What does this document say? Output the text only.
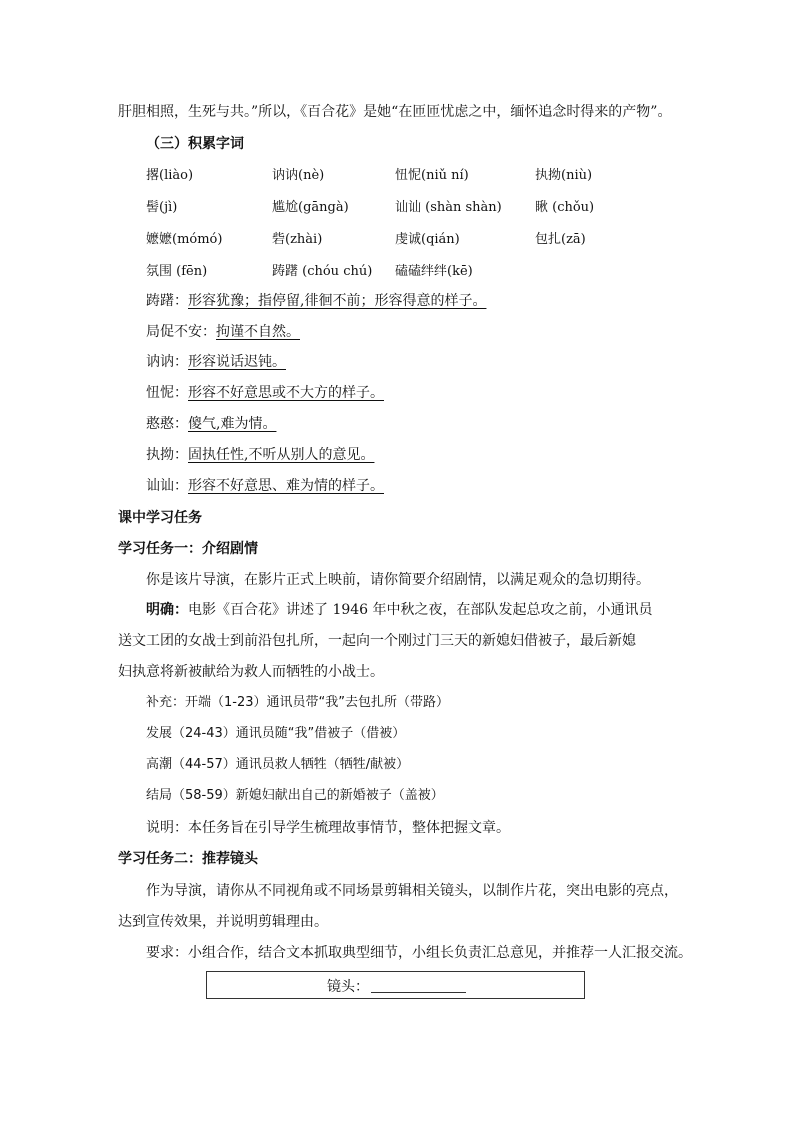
肝胆相照，生死与共。”所以，《百合花》是她“在匝匝忧虑之中，缅怀追念时得来的产物”。
（三）积累字词
撂(liào)	讷讷(nè)	忸怩(niǔ ní)	执拗(niù)
髻(jì)	尴尬(gāngà)	讪讪 (shàn shàn)	瞅 (chǒu)
嬷嬷(mómó)	砦(zhài)	虔诚(qián)	包扎(zā)
氛围 (fēn)	踌躇 (chóu chú) 磕磕绊绊(kē)
踌躇：形容犹豫；指停留,徘徊不前；形容得意的样子。
局促不安：拘谨不自然。
讷讷：形容说话迟钝。
忸怩：形容不好意思或不大方的样子。
憨憨：傻气,难为情。
执拗：固执任性,不听从别人的意见。
讪讪：形容不好意思、难为情的样子。
课中学习任务
学习任务一：介绍剧情
你是该片导演，在影片正式上映前，请你简要介绍剧情，以满足观众的急切期待。
明确：电影《百合花》讲述了 1946 年中秋之夜，在部队发起总攻之前，小通讯员
送文工团的女战士到前沿包扎所，一起向一个刚过门三天的新媳妇借被子，最后新媳
妇执意将新被献给为救人而牺牲的小战士。
补充：开端（1-23）通讯员带“我”去包扎所（带路）
发展（24-43）通讯员随“我”借被子（借被）
高潮（44-57）通讯员救人牺牲（牺牲/献被）
结局（58-59）新媳妇献出自己的新婚被子（盖被）
说明：本任务旨在引导学生梳理故事情节，整体把握文章。
学习任务二：推荐镜头
作为导演，请你从不同视角或不同场景剪辑相关镜头，以制作片花，突出电影的亮点，
达到宣传效果，并说明剪辑理由。
要求：小组合作，结合文本抓取典型细节，小组长负责汇总意见，并推荐一人汇报交流。
镜头：
